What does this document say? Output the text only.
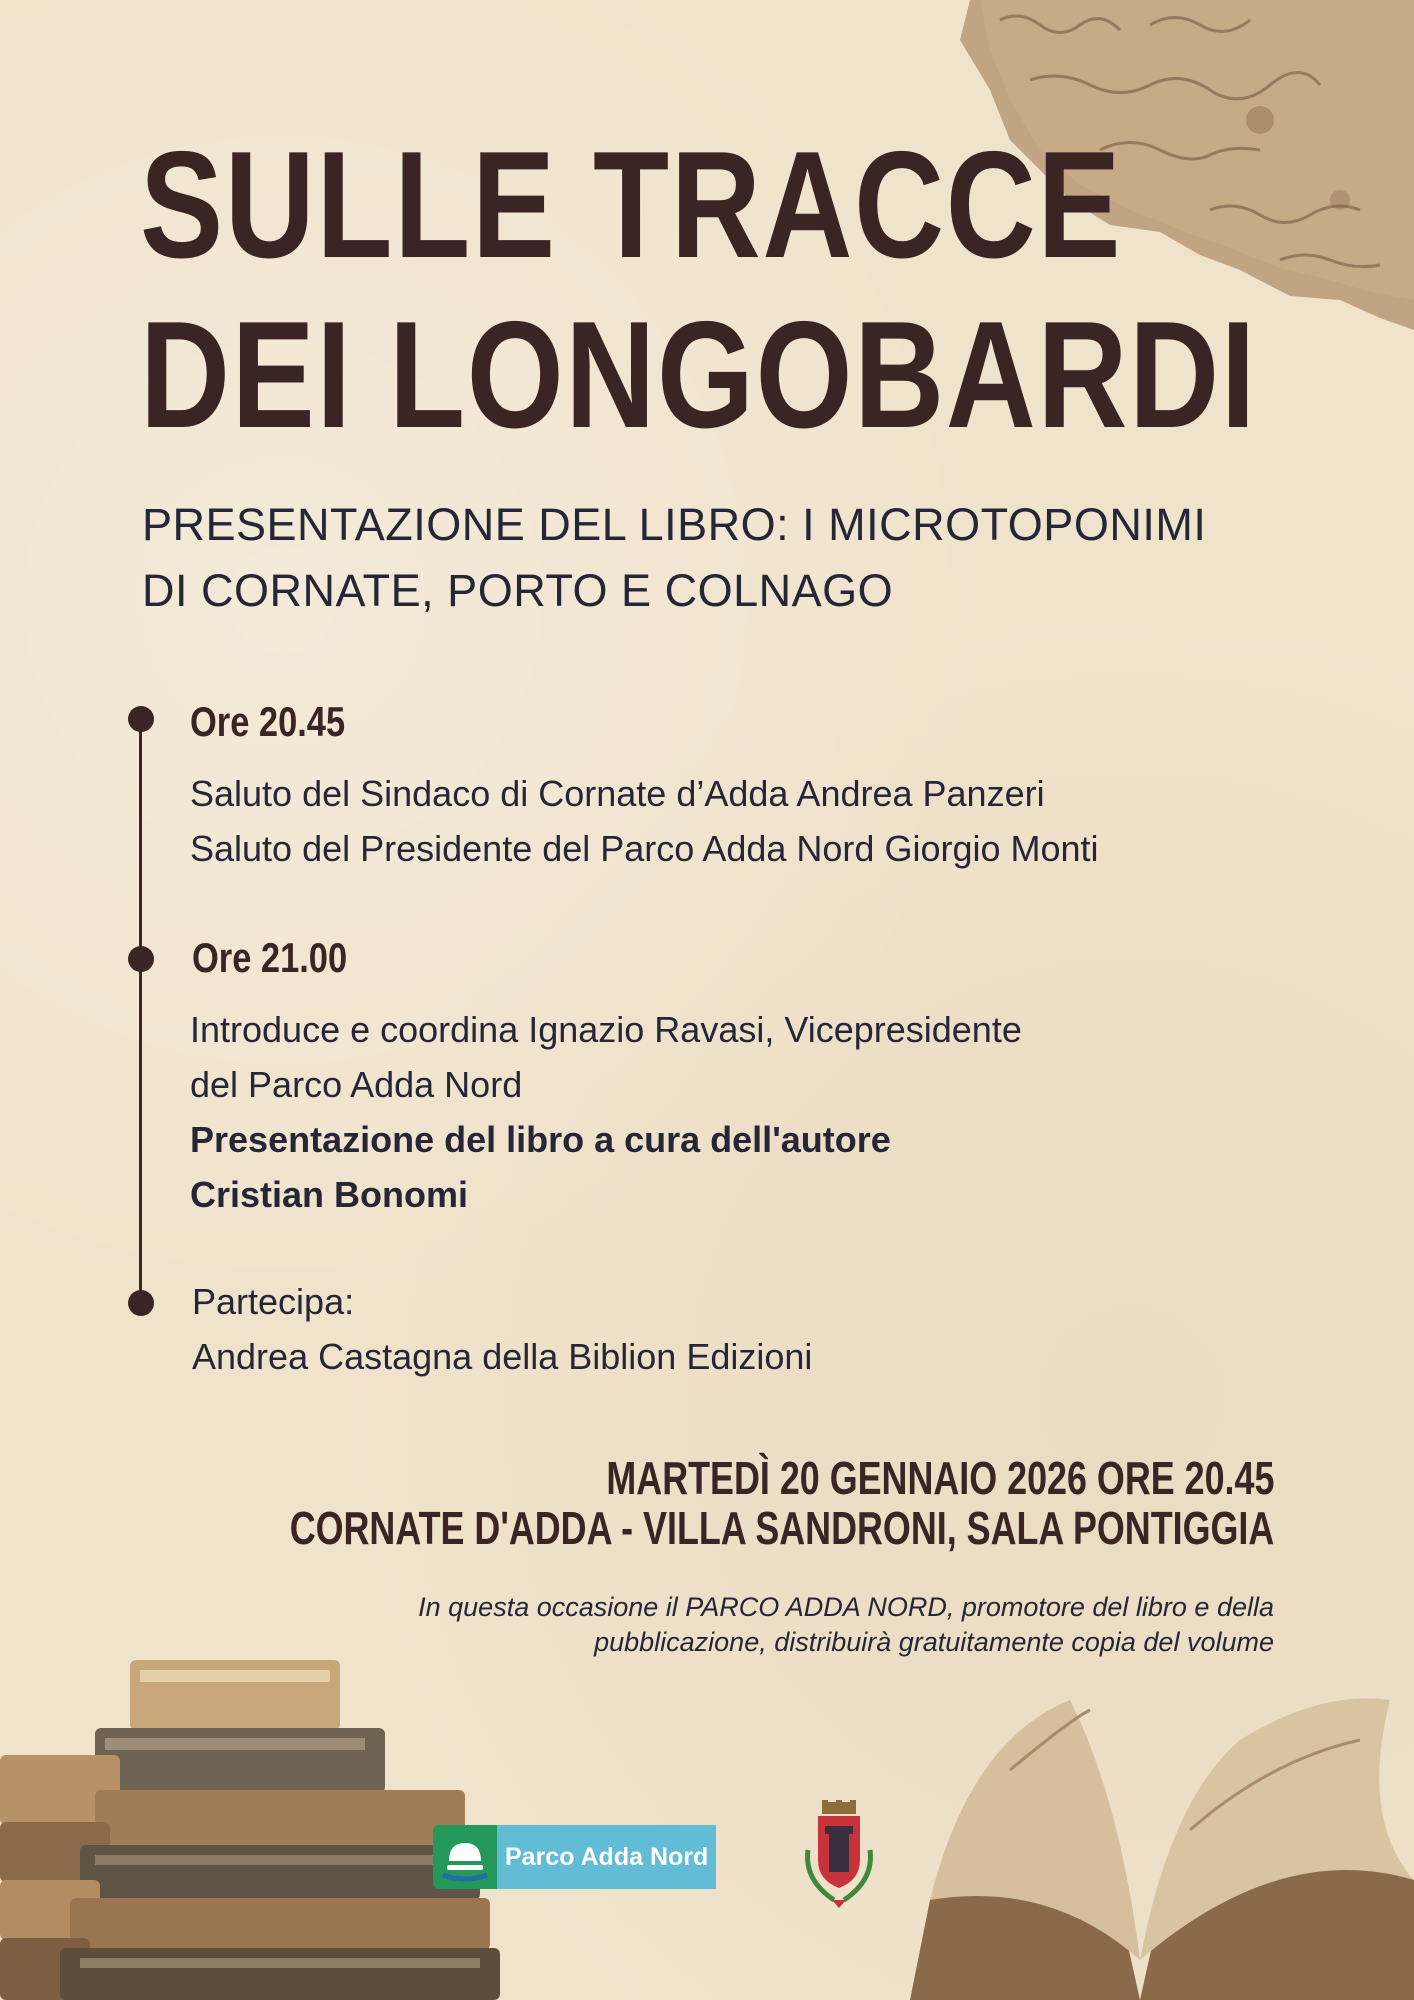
SULLE TRACCE
DEI LONGOBARDI
PRESENTAZIONE DEL LIBRO: I MICROTOPONIMI
DI CORNATE, PORTO E COLNAGO
Ore 20.45
Saluto del Sindaco di Cornate d’Adda Andrea Panzeri
Saluto del Presidente del Parco Adda Nord Giorgio Monti
Ore 21.00
Introduce e coordina Ignazio Ravasi, Vicepresidente
del Parco Adda Nord
Presentazione del libro a cura dell'autore
Cristian Bonomi
Partecipa:
Andrea Castagna della Biblion Edizioni
MARTEDÌ 20 GENNAIO 2026 ORE 20.45
CORNATE D'ADDA - VILLA SANDRONI, SALA PONTIGGIA
In questa occasione il PARCO ADDA NORD, promotore del libro e della
pubblicazione, distribuirà gratuitamente copia del volume
Parco Adda Nord
